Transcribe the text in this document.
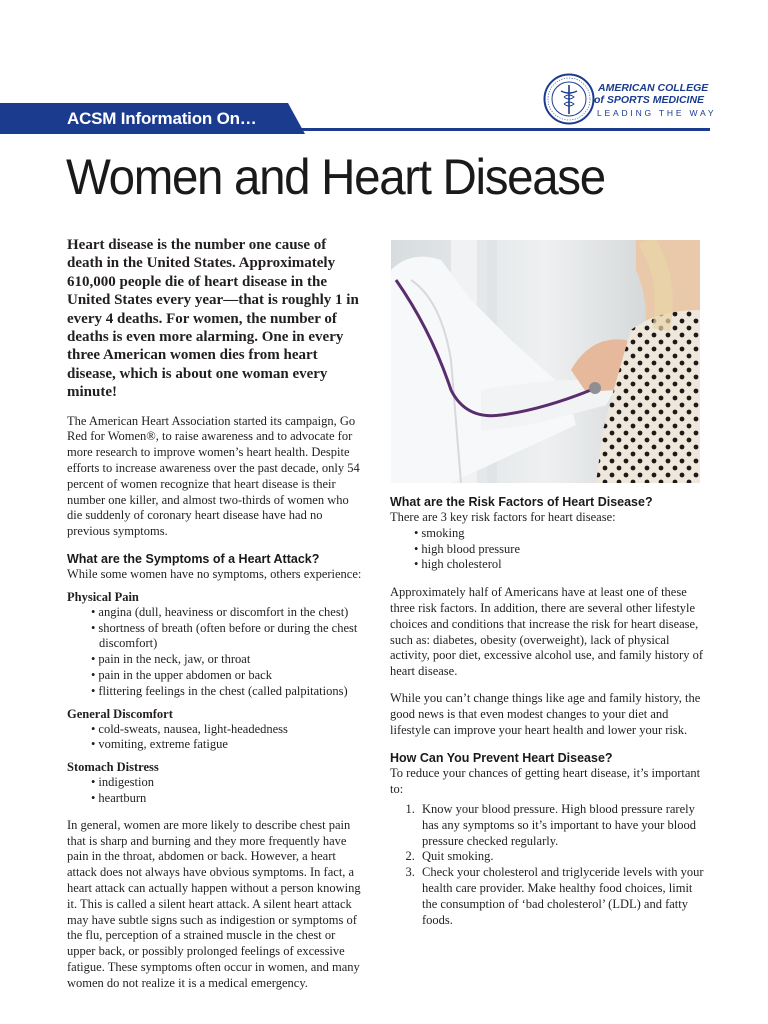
ACSM Information On…
AMERICAN COLLEGE
of SPORTS MEDICINE
LEADING THE WAY
Women and Heart Disease

Heart disease is the number one cause of death in the United States. Approximately 610,000 people die of heart disease in the United States every year—that is roughly 1 in every 4 deaths. For women, the number of deaths is even more alarming. One in every three American women dies from heart disease, which is about one woman every minute!

The American Heart Association started its campaign, Go Red for Women®, to raise awareness and to advocate for more research to improve women’s heart health. Despite efforts to increase awareness over the past decade, only 54 percent of women recognize that heart disease is their number one killer, and almost two-thirds of women who die suddenly of coronary heart disease have had no previous symptoms.

What are the Symptoms of a Heart Attack?

While some women have no symptoms, others experience:

Physical Pain
• angina (dull, heaviness or discomfort in the chest)
• shortness of breath (often before or during the chest discomfort)
• pain in the neck, jaw, or throat
• pain in the upper abdomen or back
• flittering feelings in the chest (called palpitations)
General Discomfort
• cold-sweats, nausea, light-headedness
• vomiting, extreme fatigue
Stomach Distress
• indigestion
• heartburn

In general, women are more likely to describe chest pain that is sharp and burning and they more frequently have pain in the throat, abdomen or back. However, a heart attack does not always have obvious symptoms. In fact, a heart attack can actually happen without a person knowing it. This is called a silent heart attack. A silent heart attack may have subtle signs such as indigestion or symptoms of the flu, perception of a strained muscle in the chest or upper back, or possibly prolonged feelings of excessive fatigue. These symptoms often occur in women, and many women do not realize it is a medical emergency.

What are the Risk Factors of Heart Disease?

There are 3 key risk factors for heart disease:

• smoking
• high blood pressure
• high cholesterol

Approximately half of Americans have at least one of these three risk factors. In addition, there are several other lifestyle choices and conditions that increase the risk for heart disease, such as: diabetes, obesity (overweight), lack of physical activity, poor diet, excessive alcohol use, and family history of heart disease.

While you can’t change things like age and family history, the good news is that even modest changes to your diet and lifestyle can improve your heart health and lower your risk.

How Can You Prevent Heart Disease?

To reduce your chances of getting heart disease, it’s important to:

1. Know your blood pressure. High blood pressure rarely has any symptoms so it’s important to have your blood pressure checked regularly.
2. Quit smoking.
3. Check your cholesterol and triglyceride levels with your health care provider. Make healthy food choices, limit the consumption of ‘bad cholesterol’ (LDL) and fatty foods.
